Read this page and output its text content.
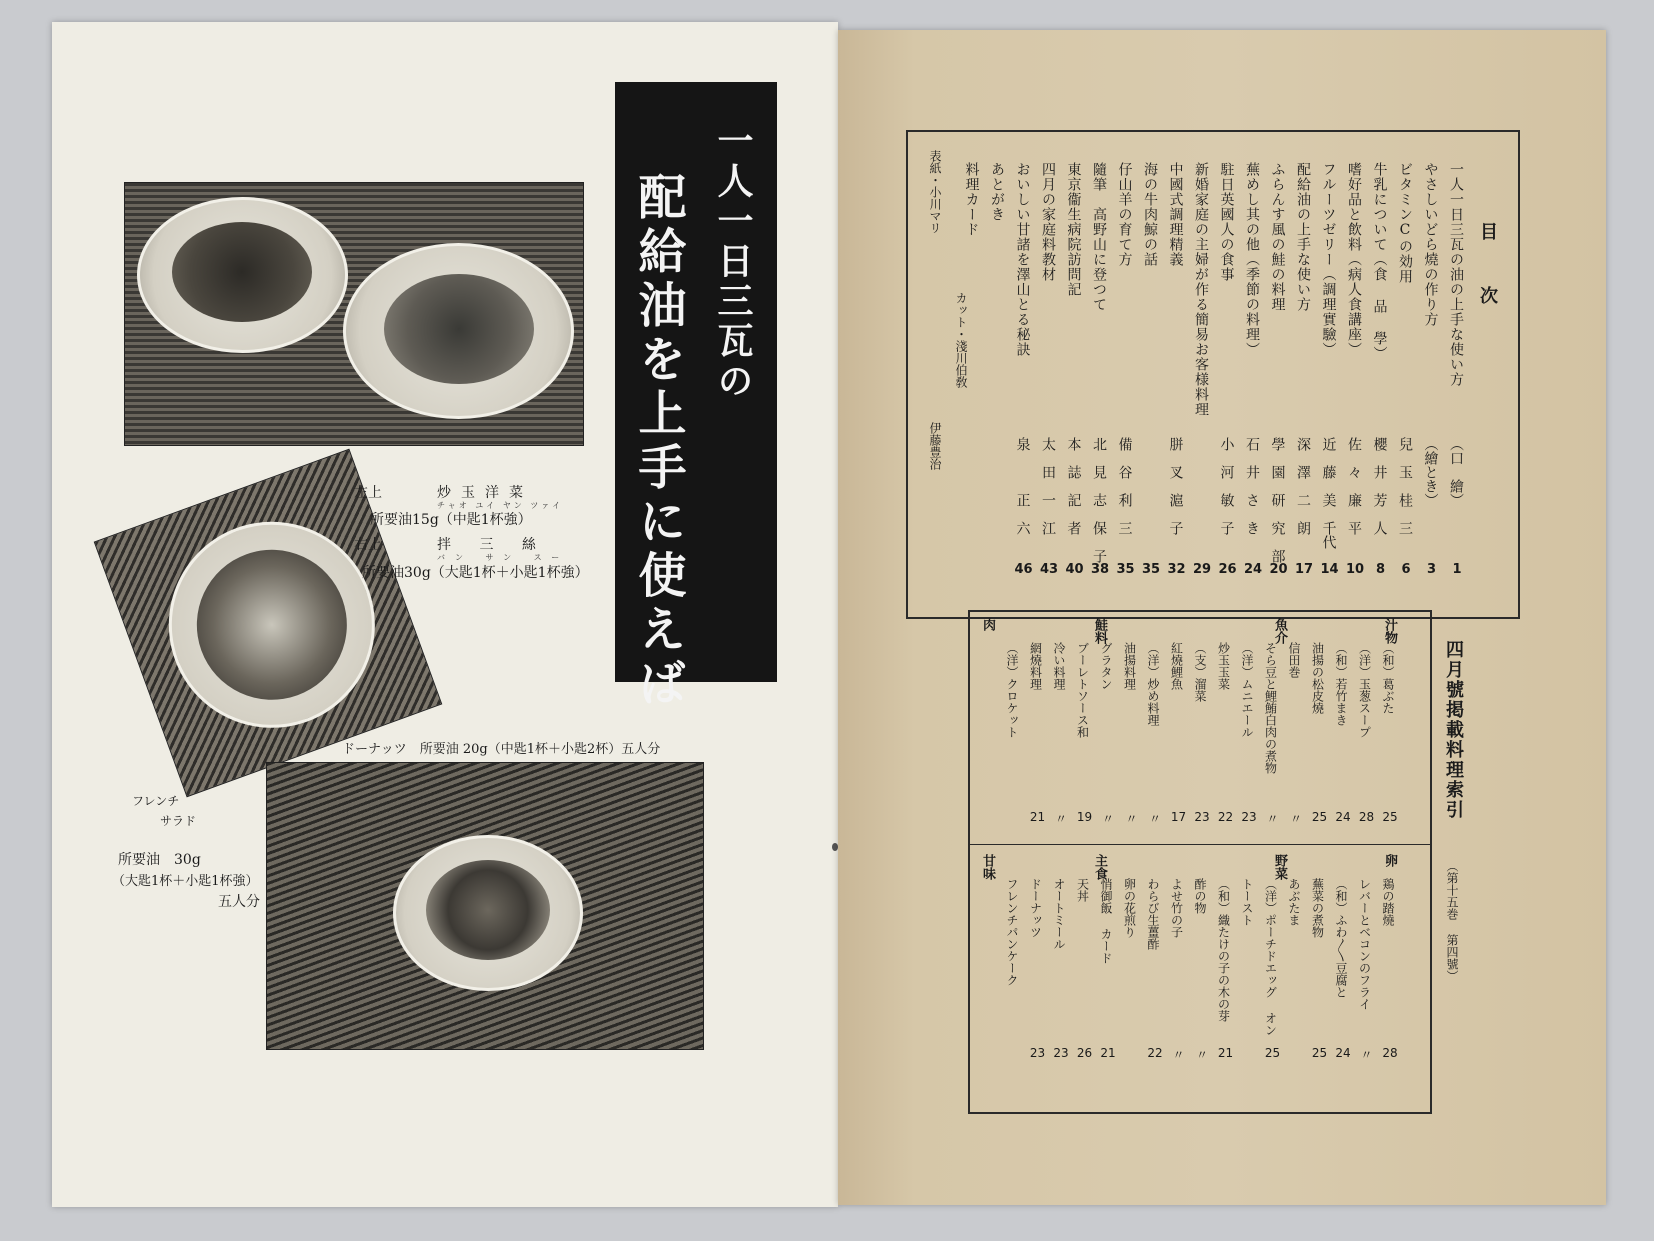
一人一日三瓦の
配給油を上手に使えば
左上	炒玉洋菜
チャオ ユイ ヤン ツァイ
所要油15g（中匙1杯強）
右上	拌 三 絲
バン サン スー
所要油30g（大匙1杯＋小匙1杯強）
ドーナッツ　所要油 20g（中匙1杯＋小匙2杯）五人分
フレンチ
サラド
所要油　30g
（大匙1杯＋小匙1杯強）
五人分
目　次
一人一日三瓦の油の上手な使い方
（口　繪）
1
やさしいどら燒の作り方
（繪とき）
3
ビタミンCの効用
兒　玉　桂　三
6
牛乳について（食 品 學）
櫻　井　芳　人
8
嗜好品と飲料（病人食講座）
佐　々　廉　平
10
フルーツゼリー（調理實驗）
近　藤　美　千代
14
配給油の上手な使い方
深　澤　二　朗
17
ふらんす風の鮭の料理
學　園　研　究　部
20
蕪めし其の他（季節の料理）
石　井　さ　き
24
駐日英國人の食事
小　河　敏　子
26
新婚家庭の主婦が作る簡易お客様料理
29
中國式調理精義
胼　叉　滬　子
32
海の牛肉鯨の話
35
仔山羊の育て方
備　谷　利　三
35
隨筆　高野山に登つて
北　見　志　保　子
38
東京衞生病院訪問記
本　誌　記　者
40
四月の家庭料教材
太　田　一　江
43
おいしい甘諸を澤山とる秘訣
泉　　　正　六
46
あとがき
料理カード
表紙・小川マリ
カット・淺川伯敎
伊藤豊治
（和）葛ぶた
25
（洋）玉葱スープ
28
（和）若竹まき
24
油揚の松皮燒
25
信田巻
〃
そら豆と鯉鮪白肉の煮物
〃
（洋）ムニエール
23
炒玉玉菜
22
（支）溜菜
23
紅燒鯉魚
17
（洋）炒め料理
〃
油揚料理
〃
グラタン
〃
ブーレトソース和
19
冷い料理
〃
網燒料理
21
（洋）クロケット
汁物
魚介
鮭料
肉
鶏の踏燒
28
レバーとベコンのフライ
〃
（和）ふわ〳〵豆腐と
24
蕪菜の煮物
25
あぶたま
（洋）ポーチドエッグ オン
25
トースト
（和）織たけの子の木の芽
21
酢の物
〃
よせ竹の子
〃
わらび生薑酢
22
卵の花煎り
悄御飯 カード
21
天丼
26
オートミール
23
ドーナッツ
23
フレンチパンケーク
卵
野菜
主食
甘味
四月號掲載料理索引
（第十五巻 第四號）
